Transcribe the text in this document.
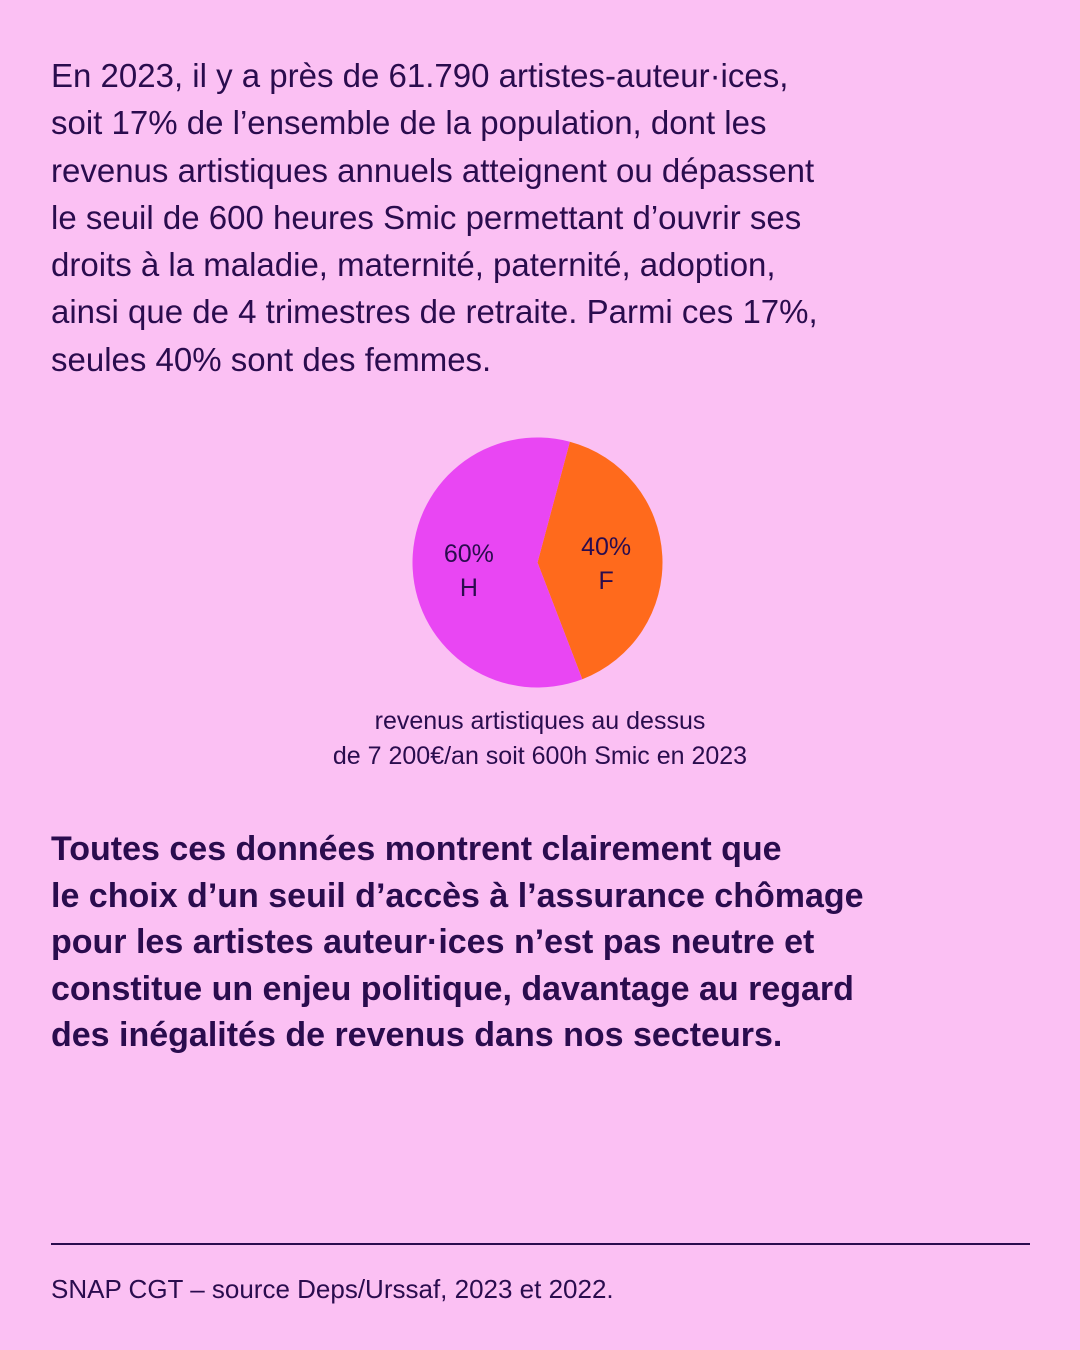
En 2023, il y a près de 61.790 artistes-auteur·ices,
soit 17% de l’ensemble de la population, dont les
revenus artistiques annuels atteignent ou dépassent
le seuil de 600 heures Smic permettant d’ouvrir ses
droits à la maladie, maternité, paternité, adoption,
ainsi que de 4 trimestres de retraite. Parmi ces 17%,
seules 40% sont des femmes.
40%
F
60%
H
revenus artistiques au dessus
de 7 200€/an soit 600h Smic en 2023
Toutes ces données montrent clairement que
le choix d’un seuil d’accès à l’assurance chômage
pour les artistes auteur·ices n’est pas neutre et
constitue un enjeu politique, davantage au regard
des inégalités de revenus dans nos secteurs.
SNAP CGT – source Deps/Urssaf, 2023 et 2022.
